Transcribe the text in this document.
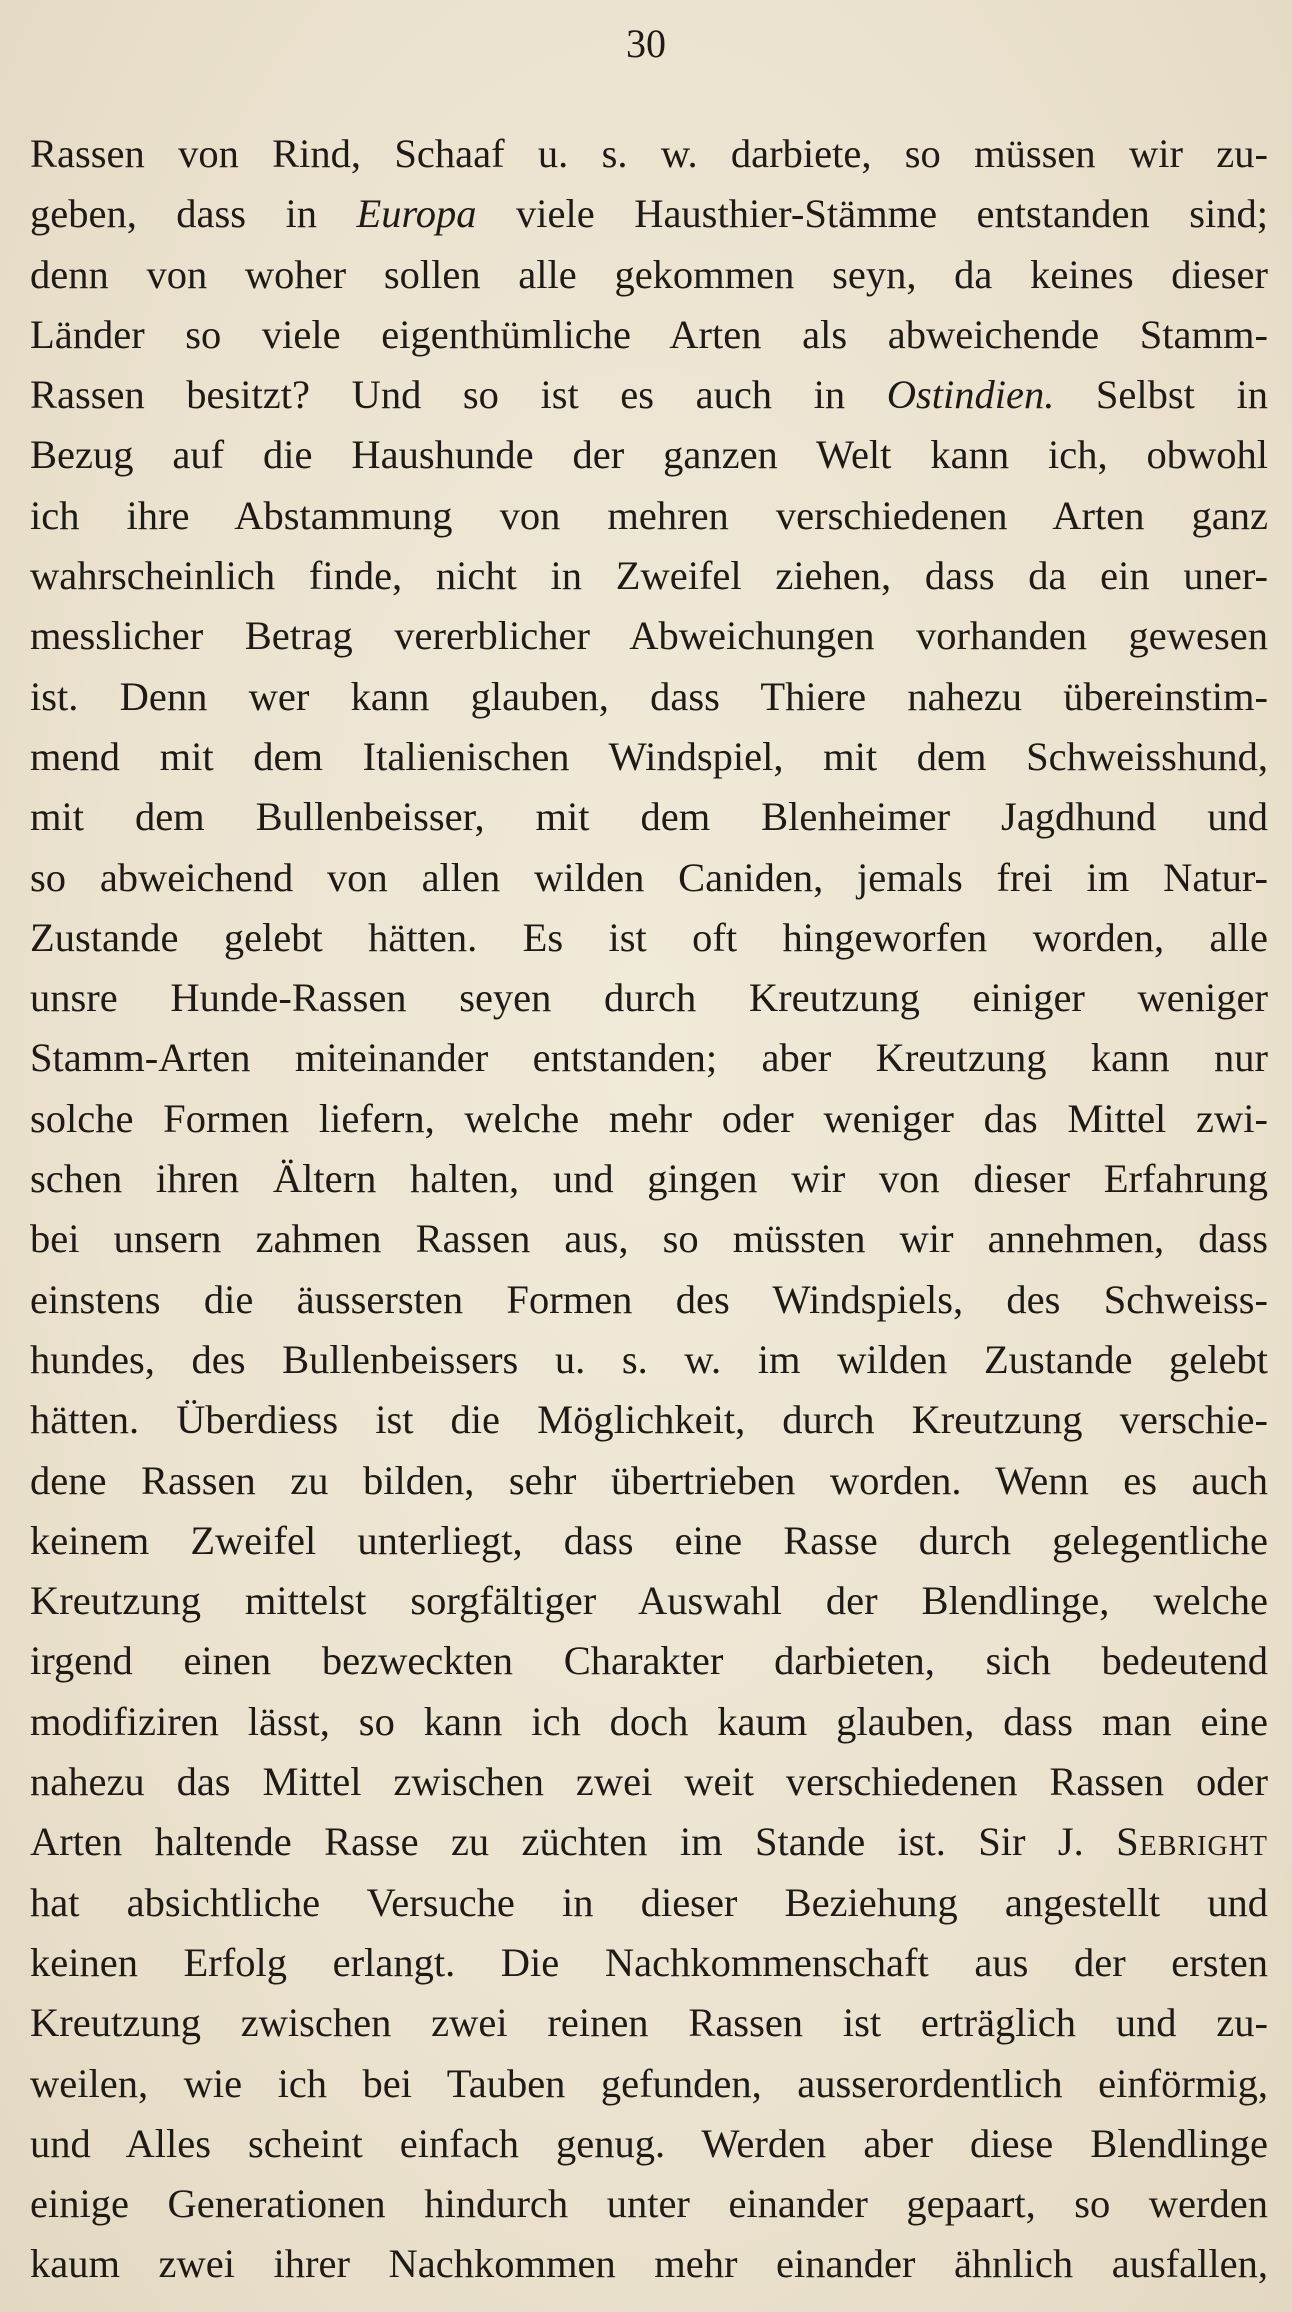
30
Rassen von Rind, Schaaf u. s. w. darbiete, so müssen wir zu-
geben, dass in Europa viele Hausthier-Stämme entstanden sind;
denn von woher sollen alle gekommen seyn, da keines dieser
Länder so viele eigenthümliche Arten als abweichende Stamm-
Rassen besitzt? Und so ist es auch in Ostindien. Selbst in
Bezug auf die Haushunde der ganzen Welt kann ich, obwohl
ich ihre Abstammung von mehren verschiedenen Arten ganz
wahrscheinlich finde, nicht in Zweifel ziehen, dass da ein uner-
messlicher Betrag vererblicher Abweichungen vorhanden gewesen
ist. Denn wer kann glauben, dass Thiere nahezu übereinstim-
mend mit dem Italienischen Windspiel, mit dem Schweisshund,
mit dem Bullenbeisser, mit dem Blenheimer Jagdhund und
so abweichend von allen wilden Caniden, jemals frei im Natur-
Zustande gelebt hätten. Es ist oft hingeworfen worden, alle
unsre Hunde-Rassen seyen durch Kreutzung einiger weniger
Stamm-Arten miteinander entstanden; aber Kreutzung kann nur
solche Formen liefern, welche mehr oder weniger das Mittel zwi-
schen ihren Ältern halten, und gingen wir von dieser Erfahrung
bei unsern zahmen Rassen aus, so müssten wir annehmen, dass
einstens die äussersten Formen des Windspiels, des Schweiss-
hundes, des Bullenbeissers u. s. w. im wilden Zustande gelebt
hätten. Überdiess ist die Möglichkeit, durch Kreutzung verschie-
dene Rassen zu bilden, sehr übertrieben worden. Wenn es auch
keinem Zweifel unterliegt, dass eine Rasse durch gelegentliche
Kreutzung mittelst sorgfältiger Auswahl der Blendlinge, welche
irgend einen bezweckten Charakter darbieten, sich bedeutend
modifiziren lässt, so kann ich doch kaum glauben, dass man eine
nahezu das Mittel zwischen zwei weit verschiedenen Rassen oder
Arten haltende Rasse zu züchten im Stande ist. Sir J. Sebright
hat absichtliche Versuche in dieser Beziehung angestellt und
keinen Erfolg erlangt. Die Nachkommenschaft aus der ersten
Kreutzung zwischen zwei reinen Rassen ist erträglich und zu-
weilen, wie ich bei Tauben gefunden, ausserordentlich einförmig,
und Alles scheint einfach genug. Werden aber diese Blendlinge
einige Generationen hindurch unter einander gepaart, so werden
kaum zwei ihrer Nachkommen mehr einander ähnlich ausfallen,
